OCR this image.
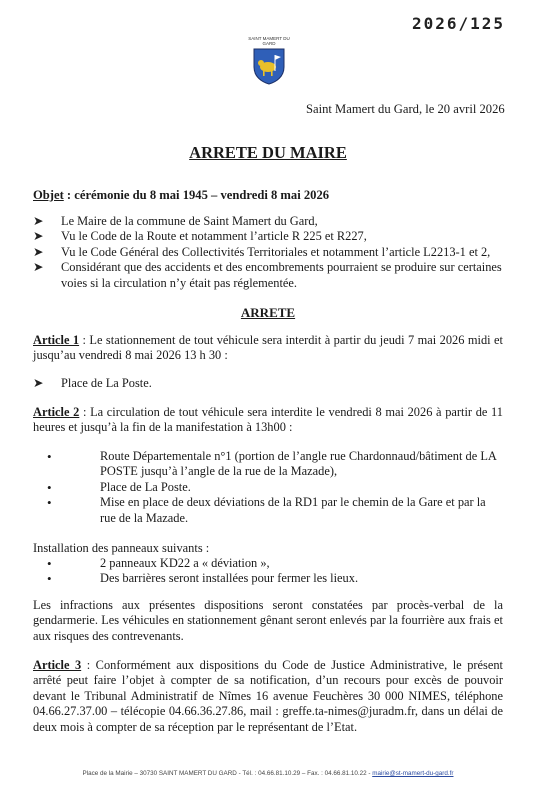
2026/125
SAINT MAMERT DU GARD
Saint Mamert du Gard, le 20 avril 2026
ARRETE DU MAIRE
Objet : cérémonie du 8 mai 1945 – vendredi 8 mai 2026
➤	Le Maire de la commune de Saint Mamert du Gard,
➤	Vu le Code de la Route et notamment l’article R 225 et R227,
➤	Vu le Code Général des Collectivités Territoriales et notamment l’article L2213-1 et 2,
➤	Considérant que des accidents et des encombrements pourraient se produire sur certaines voies si la circulation n’y était pas réglementée.
ARRETE
Article 1 : Le stationnement de tout véhicule sera interdit à partir du jeudi 7 mai 2026 midi et jusqu’au vendredi 8 mai 2026 13 h 30 :
➤	Place de La Poste.
Article 2 : La circulation de tout véhicule sera interdite le vendredi 8 mai 2026 à partir de 11 heures et jusqu’à la fin de la manifestation à 13h00 :
•	Route Départementale n°1 (portion de l’angle rue Chardonnaud/bâtiment de LA POSTE jusqu’à l’angle de la rue de la Mazade),
•	Place de La Poste.
•	Mise en place de deux déviations de la RD1 par le chemin de la Gare et par la rue de la Mazade.
Installation des panneaux suivants :
•	2 panneaux KD22 a « déviation »,
•	Des barrières seront installées pour fermer les lieux.
Les infractions aux présentes dispositions seront constatées par procès-verbal de la gendarmerie. Les véhicules en stationnement gênant seront enlevés par la fourrière aux frais et aux risques des contrevenants.
Article 3 : Conformément aux dispositions du Code de Justice Administrative, le présent arrêté peut faire l’objet à compter de sa notification, d’un recours pour excès de pouvoir devant le Tribunal Administratif de Nîmes 16 avenue Feuchères 30 000 NIMES, téléphone 04.66.27.37.00 – télécopie 04.66.36.27.86, mail : greffe.ta-nimes@juradm.fr, dans un délai de deux mois à compter de sa réception par le représentant de l’Etat.
Place de la Mairie – 30730 SAINT MAMERT DU GARD - Tél. : 04.66.81.10.29 – Fax. : 04.66.81.10.22 - mairie@st-mamert-du-gard.fr
